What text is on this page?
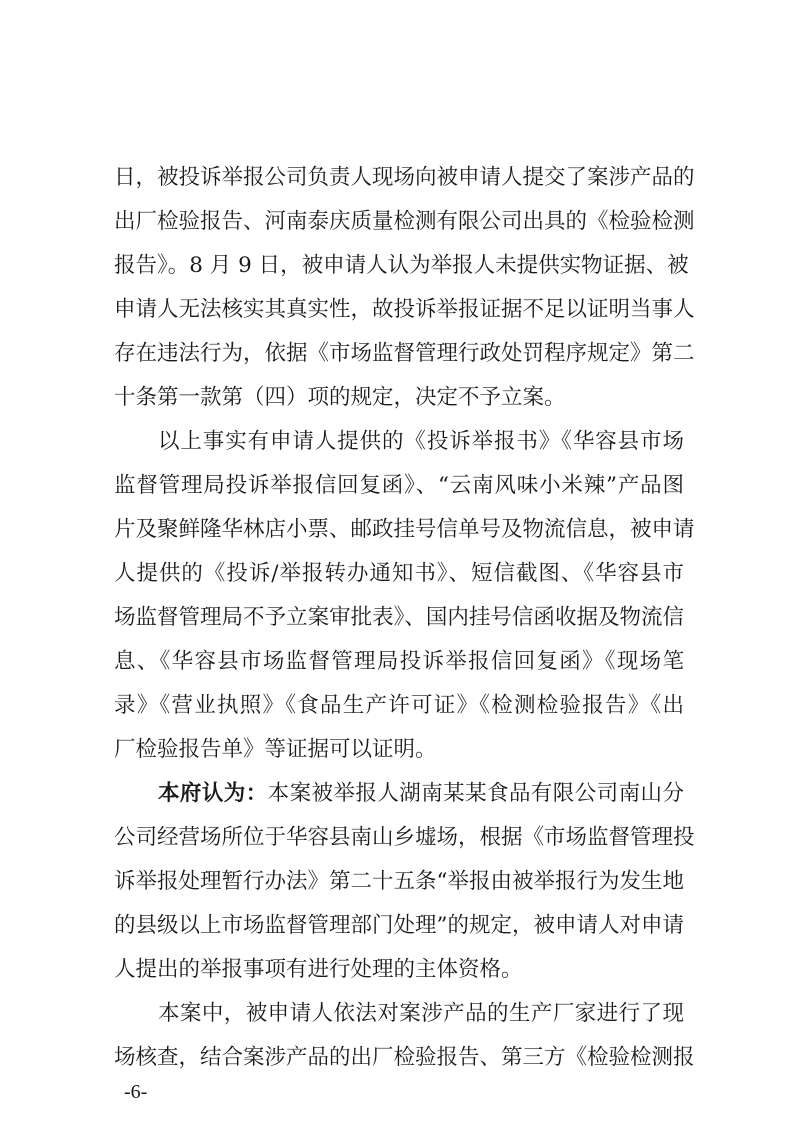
日，被投诉举报公司负责人现场向被申请人提交了案涉产品的
出厂检验报告、河南泰庆质量检测有限公司出具的《检验检测
报告》。8 月 9 日，被申请人认为举报人未提供实物证据、被
申请人无法核实其真实性，故投诉举报证据不足以证明当事人
存在违法行为，依据《市场监督管理行政处罚程序规定》第二
十条第一款第（四）项的规定，决定不予立案。
以上事实有申请人提供的《投诉举报书》《华容县市场
监督管理局投诉举报信回复函》、“云南风味小米辣”产品图
片及聚鲜隆华林店小票、邮政挂号信单号及物流信息，被申请
人提供的《投诉/举报转办通知书》、短信截图、《华容县市
场监督管理局不予立案审批表》、国内挂号信函收据及物流信
息、《华容县市场监督管理局投诉举报信回复函》《现场笔
录》《营业执照》《食品生产许可证》《检测检验报告》《出
厂检验报告单》等证据可以证明。
本府认为：本案被举报人湖南某某食品有限公司南山分
公司经营场所位于华容县南山乡墟场，根据《市场监督管理投
诉举报处理暂行办法》第二十五条“举报由被举报行为发生地
的县级以上市场监督管理部门处理”的规定，被申请人对申请
人提出的举报事项有进行处理的主体资格。
本案中，被申请人依法对案涉产品的生产厂家进行了现
场核查，结合案涉产品的出厂检验报告、第三方《检验检测报
-6-
